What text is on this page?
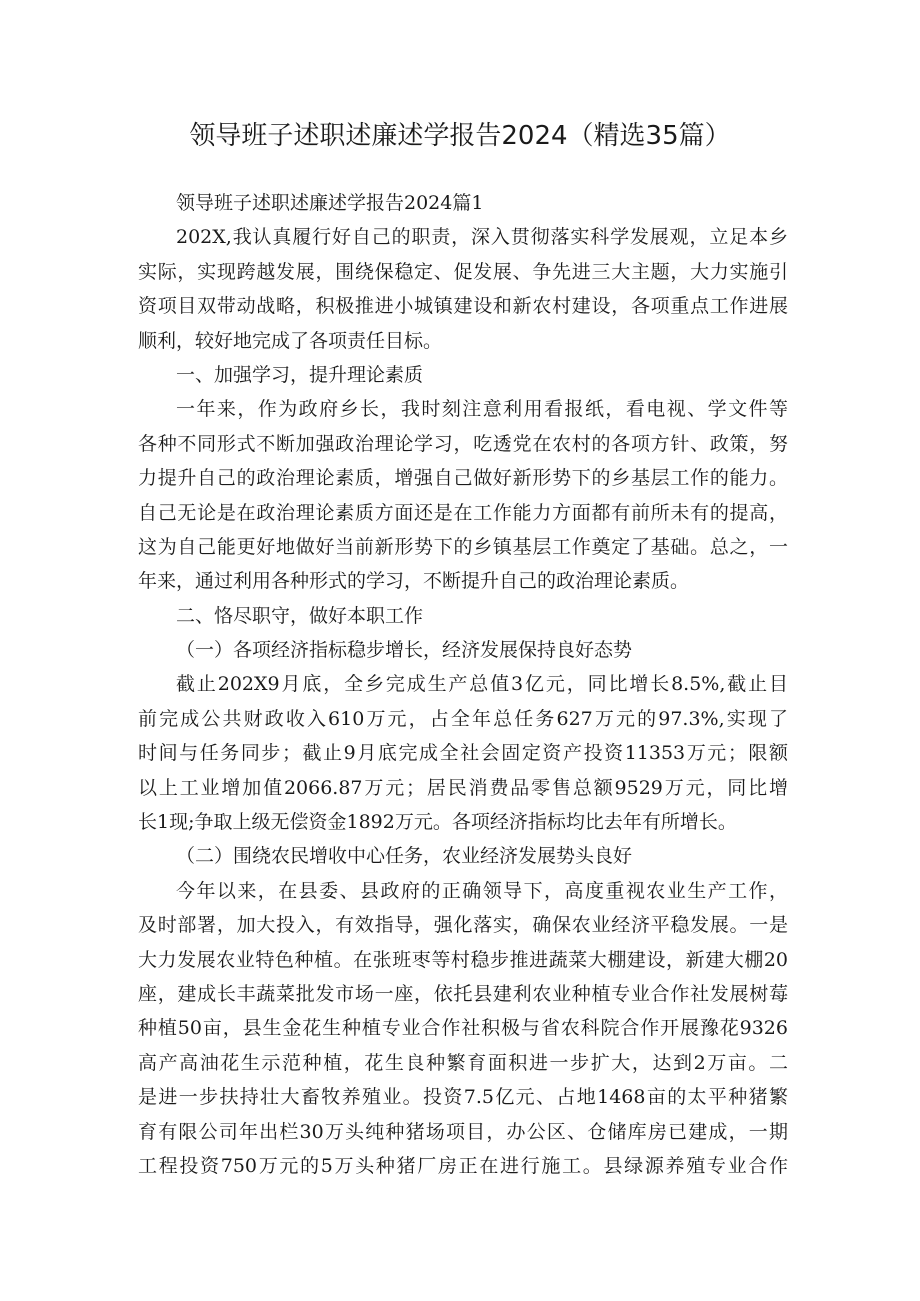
领导班子述职述廉述学报告2024（精选35篇）
领导班子述职述廉述学报告2024篇1
202X,我认真履行好自己的职责，深入贯彻落实科学发展观，立足本乡
实际，实现跨越发展，围绕保稳定、促发展、争先进三大主题，大力实施引
资项目双带动战略，积极推进小城镇建设和新农村建设，各项重点工作进展
顺利，较好地完成了各项责任目标。
一、加强学习，提升理论素质
一年来，作为政府乡长，我时刻注意利用看报纸，看电视、学文件等
各种不同形式不断加强政治理论学习，吃透党在农村的各项方针、政策，努
力提升自己的政治理论素质，增强自己做好新形势下的乡基层工作的能力。
自己无论是在政治理论素质方面还是在工作能力方面都有前所未有的提高，
这为自己能更好地做好当前新形势下的乡镇基层工作奠定了基础。总之，一
年来，通过利用各种形式的学习，不断提升自己的政治理论素质。
二、恪尽职守，做好本职工作
（一）各项经济指标稳步增长，经济发展保持良好态势
截止202X9月底，全乡完成生产总值3亿元，同比增长8.5%,截止目
前完成公共财政收入610万元，占全年总任务627万元的97.3%,实现了
时间与任务同步；截止9月底完成全社会固定资产投资11353万元；限额
以上工业增加值2066.87万元；居民消费品零售总额9529万元，同比增
长1现;争取上级无偿资金1892万元。各项经济指标均比去年有所增长。
（二）围绕农民增收中心任务，农业经济发展势头良好
今年以来，在县委、县政府的正确领导下，高度重视农业生产工作，
及时部署，加大投入，有效指导，强化落实，确保农业经济平稳发展。一是
大力发展农业特色种植。在张班枣等村稳步推进蔬菜大棚建设，新建大棚20
座，建成长丰蔬菜批发市场一座，依托县建利农业种植专业合作社发展树莓
种植50亩，县生金花生种植专业合作社积极与省农科院合作开展豫花9326
高产高油花生示范种植，花生良种繁育面积进一步扩大，达到2万亩。二
是进一步扶持壮大畜牧养殖业。投资7.5亿元、占地1468亩的太平种猪繁
育有限公司年出栏30万头纯种猪场项目，办公区、仓储库房已建成，一期
工程投资750万元的5万头种猪厂房正在进行施工。县绿源养殖专业合作
